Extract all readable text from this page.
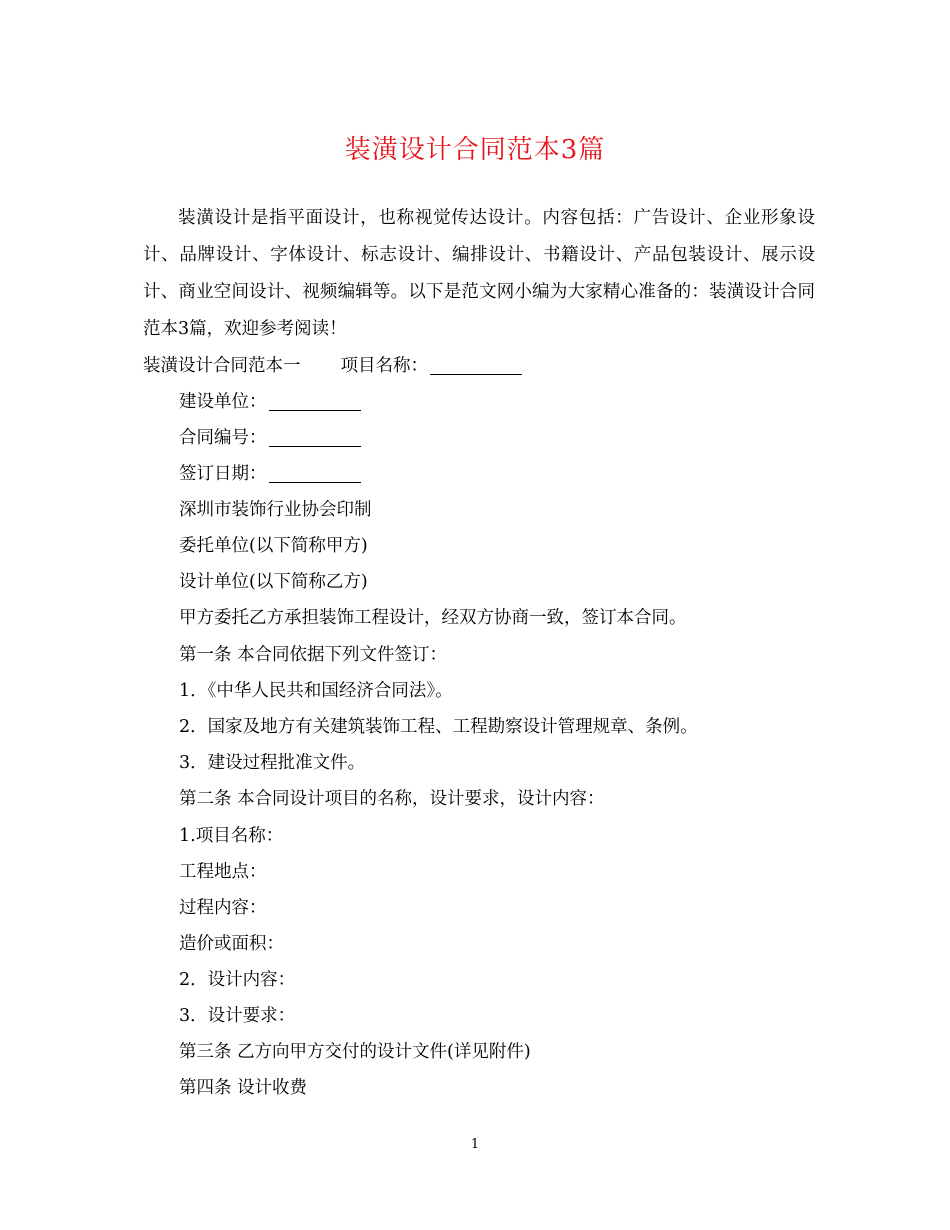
装潢设计合同范本3篇

装潢设计是指平面设计，也称视觉传达设计。内容包括：广告设计、企业形象设计、品牌设计、字体设计、标志设计、编排设计、书籍设计、产品包装设计、展示设计、商业空间设计、视频编辑等。以下是范文网小编为大家精心准备的：装潢设计合同范本3篇，欢迎参考阅读！

装潢设计合同范本一 项目名称：
建设单位：
合同编号：
签订日期：
深圳市装饰行业协会印制
委托单位(以下简称甲方)
设计单位(以下简称乙方)
甲方委托乙方承担装饰工程设计，经双方协商一致，签订本合同。
第一条 本合同依据下列文件签订：
1．《中华人民共和国经济合同法》。
2．国家及地方有关建筑装饰工程、工程勘察设计管理规章、条例。
3．建设过程批准文件。
第二条 本合同设计项目的名称，设计要求，设计内容：
1.项目名称：
工程地点：
过程内容：
造价或面积：
2．设计内容：
3．设计要求：
第三条 乙方向甲方交付的设计文件(详见附件)
第四条 设计收费
1
